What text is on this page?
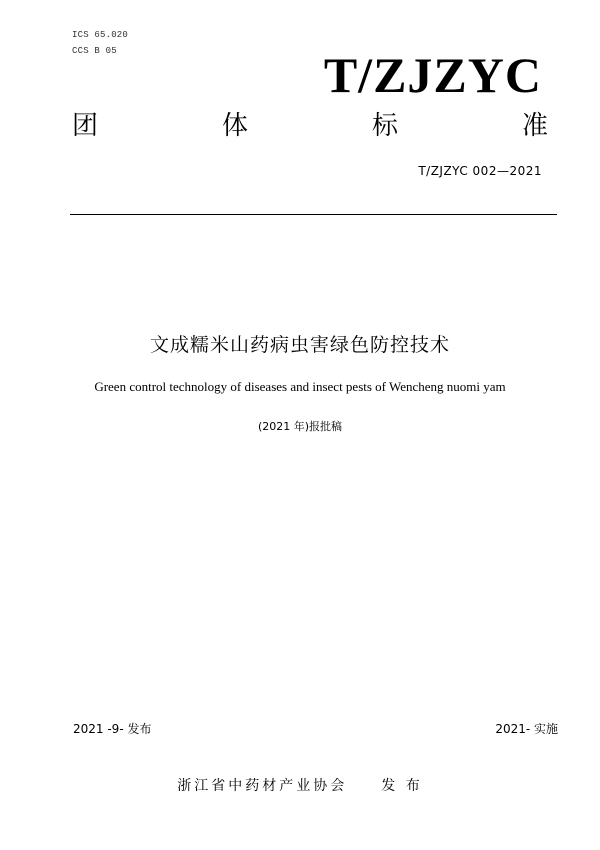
ICS 65.020
CCS B 05	T/ZJZYC
团	体	标	准
T/ZJZYC 002—2021
文成糯米山药病虫害绿色防控技术
Green control technology of diseases and insect pests of Wencheng nuomi yam
(2021 年)报批稿
2021 -9- 发布	2021- 实施
浙江省中药材产业协会 发 布
